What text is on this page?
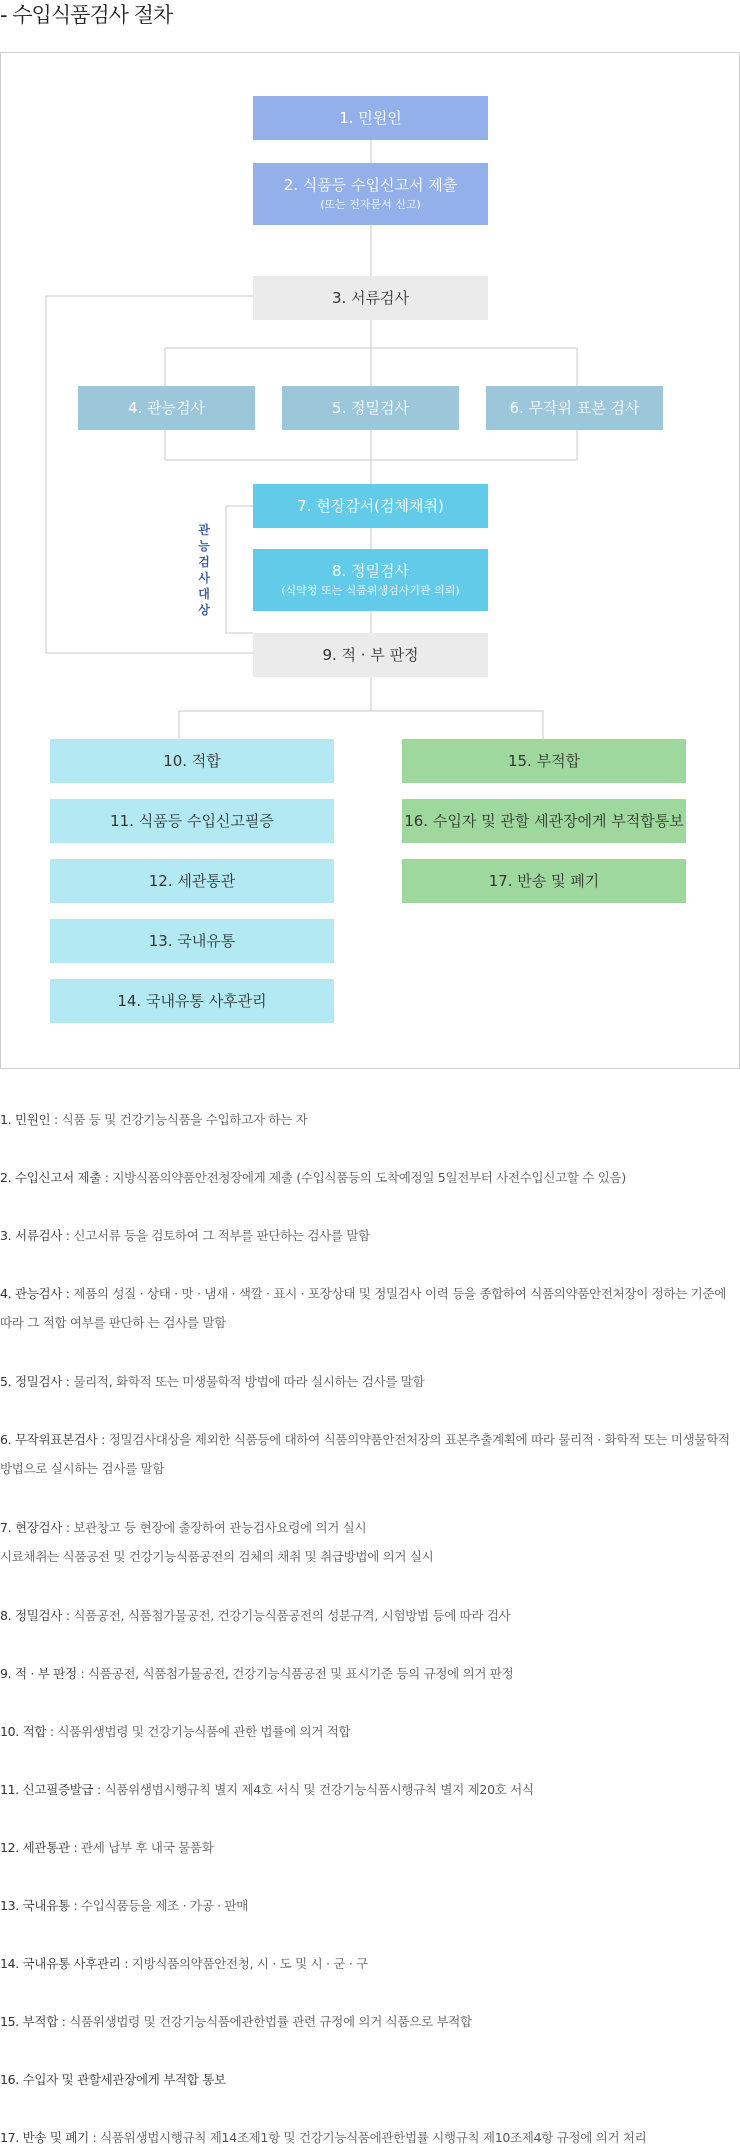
- 수입식품검사 절차
1. 민원인
2. 식품등 수입신고서 제출
(또는 전자문서 신고)
3. 서류검사
4. 관능검사	5. 정밀검사	6. 무작위 표본 검사
7. 현장감서(검체채취)
8. 정밀검사
(식약청 또는 식품위생검사기관 의뢰)
관능검사대상
9. 적 · 부 판정
10. 적합
11. 식품등 수입신고필증
12. 세관통관
13. 국내유통
14. 국내유통 사후관리
15. 부적합
16. 수입자 및 관할 세관장에게 부적합통보
17. 반송 및 폐기
1. 민원인 : 식품 등 및 건강기능식품을 수입하고자 하는 자
2. 수입신고서 제출 : 지방식품의약품안전청장에게 제출 (수입식품등의 도착예정일 5일전부터 사전수입신고할 수 있음)
3. 서류검사 : 신고서류 등을 검토하여 그 적부를 판단하는 검사를 말함
4. 관능검사 : 제품의 성질 · 상태 · 맛 · 냄새 · 색깔 · 표시 · 포장상태 및 정밀검사 이력 등을 종합하여 식품의약품안전처장이 정하는 기준에 따라 그 적합 여부를 판단하 는 검사를 말함
5. 정밀검사 : 물리적, 화학적 또는 미생물학적 방법에 따라 실시하는 검사를 말함
6. 무작위표본검사 : 정밀검사대상을 제외한 식품등에 대하여 식품의약품안전처장의 표본추출계획에 따라 물리적 · 화학적 또는 미생물학적 방법으로 실시하는 검사를 말함
7. 현장검사 : 보관창고 등 현장에 출장하여 관능검사요령에 의거 실시
시료채취는 식품공전 및 건강기능식품공전의 검체의 채취 및 취급방법에 의거 실시
8. 정밀검사 : 식품공전, 식품첨가물공전, 건강기능식품공전의 성분규격, 시험방법 등에 따라 검사
9. 적 · 부 판정 : 식품공전, 식품첨가물공전, 건강기능식품공전 및 표시기준 등의 규정에 의거 판정
10. 적합 : 식품위생법령 및 건강기능식품에 관한 법률에 의거 적합
11. 신고필증발급 : 식품위생법시행규칙 별지 제4호 서식 및 건강기능식품시행규칙 별지 제20호 서식
12. 세관통관 : 관세 납부 후 내국 물품화
13. 국내유통 : 수입식품등을 제조 · 가공 · 판매
14. 국내유통 사후관리 : 지방식품의약품안전청, 시 · 도 및 시 · 군 · 구
15. 부적합 : 식품위생법령 및 건강기능식품에관한법률 관련 규정에 의거 식품으로 부적합
16. 수입자 및 관할세관장에게 부적합 통보
17. 반송 및 폐기 : 식품위생법시행규칙 제14조제1항 및 건강기능식품에관한법률 시행규칙 제10조제4항 규정에 의거 처리
